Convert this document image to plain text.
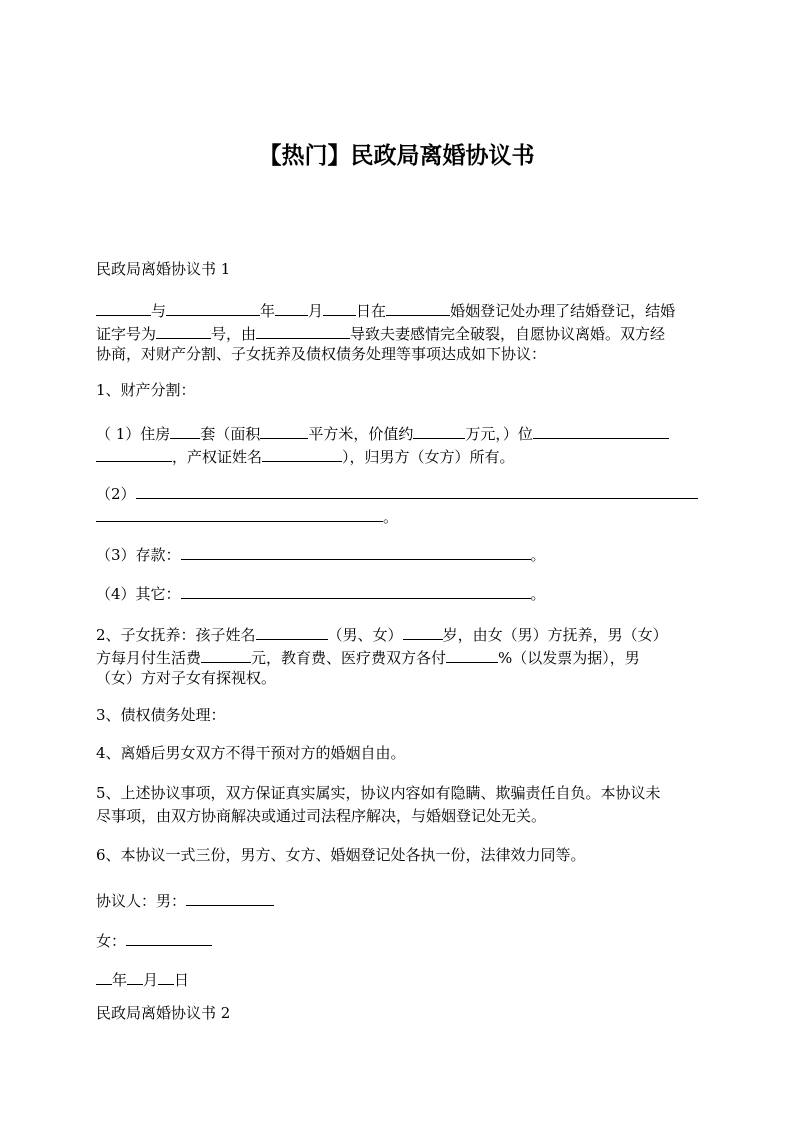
【热门】民政局离婚协议书
民政局离婚协议书 1
与	年 月 日在	婚姻登记处办理了结婚登记，结婚
证字号为	号，由	导致夫妻感情完全破裂，自愿协议离婚。双方经
协商，对财产分割、子女抚养及债权债务处理等事项达成如下协议：
1、财产分割：
（ 1）住房 套（面积	平方米，价值约	万元，）位
，产权证姓名	），归男方（女方）所有。
（2）
。
（3）存款：	。
（4）其它：	。
2、子女抚养：孩子姓名	（男、女）	岁，由女（男）方抚养，男（女）
方每月付生活费	元，教育费、医疗费双方各付	%（以发票为据），男
（女）方对子女有探视权。
3、债权债务处理：
4、离婚后男女双方不得干预对方的婚姻自由。
5、上述协议事项，双方保证真实属实，协议内容如有隐瞒、欺骗责任自负。本协议未
尽事项，由双方协商解决或通过司法程序解决，与婚姻登记处无关。
6、本协议一式三份，男方、女方、婚姻登记处各执一份，法律效力同等。
协议人：男：
女：
年 月 日
民政局离婚协议书 2
